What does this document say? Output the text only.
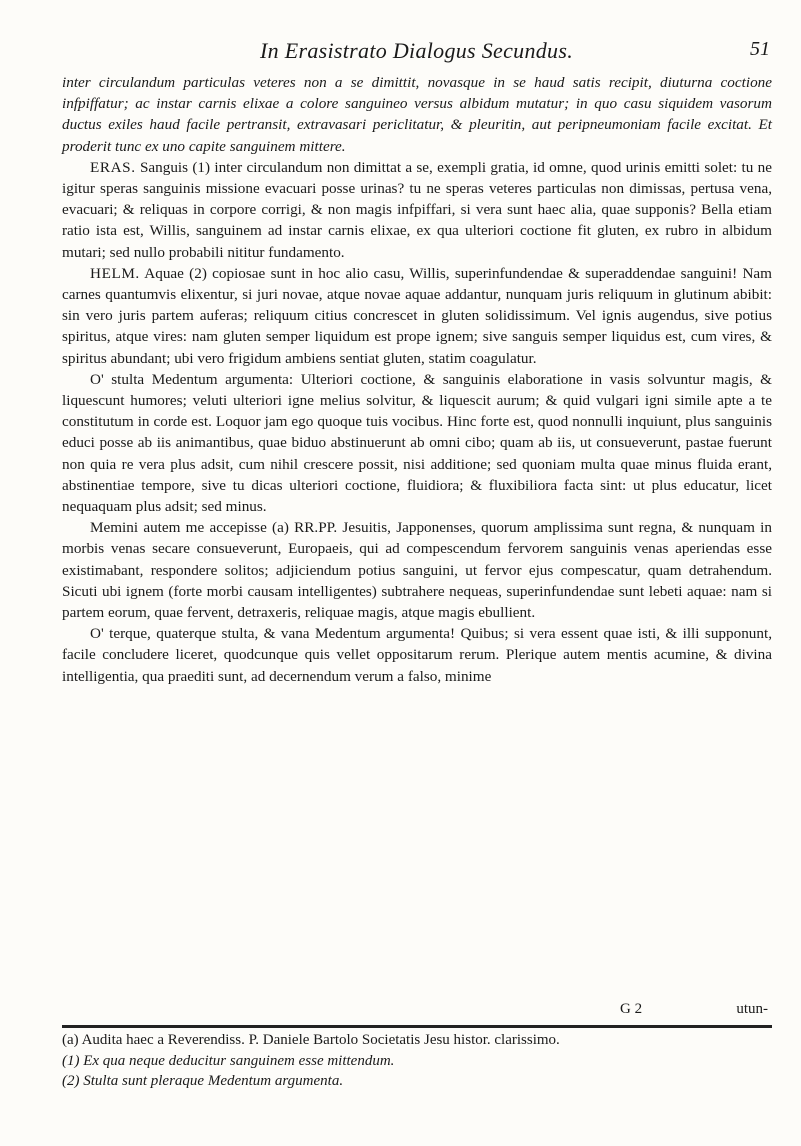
In Erasistrato Dialogus Secundus.	51

inter circulandum particulas veteres non a se dimittit, novasque in se haud satis recipit, diuturna coctione infpiffatur; ac instar carnis elixae a colore sanguineo versus albidum mutatur; in quo casu siquidem vasorum ductus exiles haud facile pertransit, extravasari periclitatur, & pleuritin, aut peripneumoniam facile excitat. Et proderit tunc ex uno capite sanguinem mittere.

ERAS. Sanguis (1) inter circulandum non dimittat a se, exempli gratia, id omne, quod urinis emitti solet: tu ne igitur speras sanguinis missione evacuari posse urinas? tu ne speras veteres particulas non dimissas, pertusa vena, evacuari; & reliquas in corpore corrigi, & non magis infpiffari, si vera sunt haec alia, quae supponis? Bella etiam ratio ista est, Willis, sanguinem ad instar carnis elixae, ex qua ulteriori coctione fit gluten, ex rubro in albidum mutari; sed nullo probabili nititur fundamento.

HELM. Aquae (2) copiosae sunt in hoc alio casu, Willis, superinfundendae & superaddendae sanguini! Nam carnes quantumvis elixentur, si juri novae, atque novae aquae addantur, nunquam juris reliquum in glutinum abibit: sin vero juris partem auferas; reliquum citius concrescet in gluten solidissimum. Vel ignis augendus, sive potius spiritus, atque vires: nam gluten semper liquidum est prope ignem; sive sanguis semper liquidus est, cum vires, & spiritus abundant; ubi vero frigidum ambiens sentiat gluten, statim coagulatur.

O' stulta Medentum argumenta: Ulteriori coctione, & sanguinis elaboratione in vasis solvuntur magis, & liquescunt humores; veluti ulteriori igne melius solvitur, & liquescit aurum; & quid vulgari igni simile apte a te constitutum in corde est. Loquor jam ego quoque tuis vocibus. Hinc forte est, quod nonnulli inquiunt, plus sanguinis educi posse ab iis animantibus, quae biduo abstinuerunt ab omni cibo; quam ab iis, ut consueverunt, pastae fuerunt non quia re vera plus adsit, cum nihil crescere possit, nisi additione; sed quoniam multa quae minus fluida erant, abstinentiae tempore, sive tu dicas ulteriori coctione, fluidiora; & fluxibiliora facta sint: ut plus educatur, licet nequaquam plus adsit; sed minus.

Memini autem me accepisse (a) RR.PP. Jesuitis, Japponenses, quorum amplissima sunt regna, & nunquam in morbis venas secare consueverunt, Europaeis, qui ad compescendum fervorem sanguinis venas aperiendas esse existimabant, respondere solitos; adjiciendum potius sanguini, ut fervor ejus compescatur, quam detrahendum. Sicuti ubi ignem (forte morbi causam intelligentes) subtrahere nequeas, superinfundendae sunt lebeti aquae: nam si partem eorum, quae fervent, detraxeris, reliquae magis, atque magis ebullient.

O' terque, quaterque stulta, & vana Medentum argumenta! Quibus; si vera essent quae isti, & illi supponunt, facile concludere liceret, quodcunque quis vellet oppositarum rerum. Plerique autem mentis acumine, & divina intelligentia, qua praediti sunt, ad decernendum verum a falso, minime

G 2	utun-

(a) Audita haec a Reverendiss. P. Daniele Bartolo Societatis Jesu histor. clarissimo.

(1) Ex qua neque deducitur sanguinem esse mittendum.

(2) Stulta sunt pleraque Medentum argumenta.
